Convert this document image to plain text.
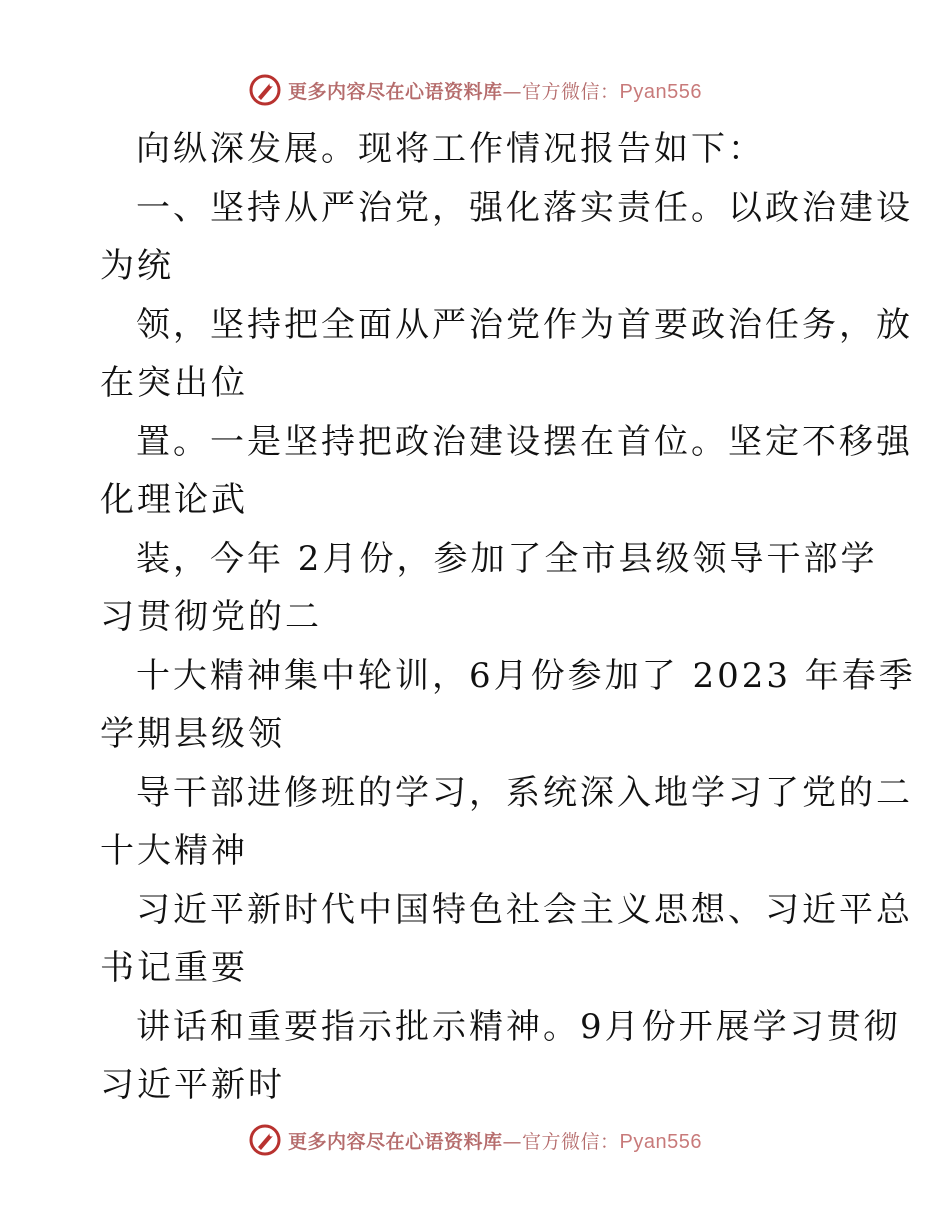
更多内容尽在心语资料库—官方微信：Pyan556
向纵深发展。现将工作情况报告如下：
一、坚持从严治党，强化落实责任。以政治建设
为统
领，坚持把全面从严治党作为首要政治任务，放
在突出位
置。一是坚持把政治建设摆在首位。坚定不移强
化理论武
装，今年 2月份，参加了全市县级领导干部学
习贯彻党的二
十大精神集中轮训，6月份参加了 2023 年春季
学期县级领
导干部进修班的学习，系统深入地学习了党的二
十大精神
习近平新时代中国特色社会主义思想、习近平总
书记重要
讲话和重要指示批示精神。9月份开展学习贯彻
习近平新时
更多内容尽在心语资料库—官方微信：Pyan556
